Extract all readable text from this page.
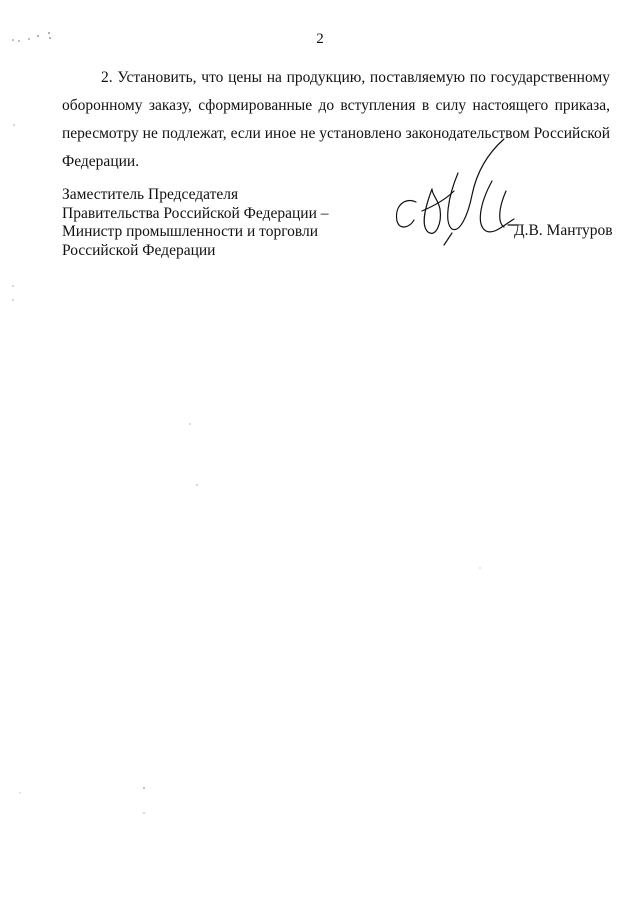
2

2. Установить, что цены на продукцию, поставляемую по государственному оборонному заказу, сформированные до вступления в силу настоящего приказа, пересмотру не подлежат, если иное не установлено законодательством Российской Федерации.

Заместитель Председателя
Правительства Российской Федерации –
Министр промышленности и торговли
Российской Федерации
Д.В. Мантуров
